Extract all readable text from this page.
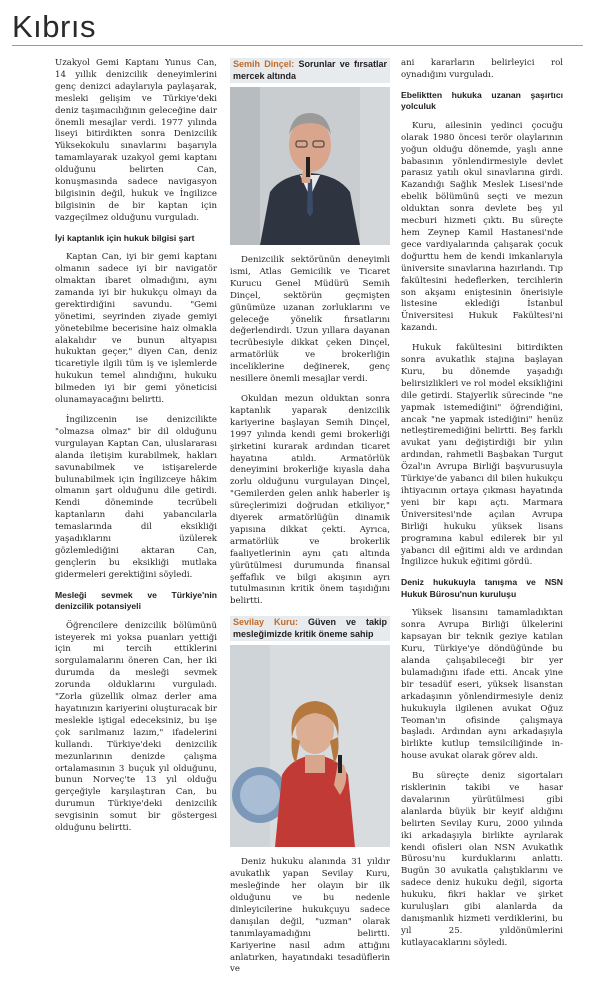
Kıbrıs

Uzakyol Gemi Kaptanı Yunus Can, 14 yıllık denizcilik deneyimlerini genç denizci adaylarıyla paylaşarak, mesleki gelişim ve Türkiye'deki deniz taşımacılığının geleceğine dair önemli mesajlar verdi. 1977 yılında liseyi bitirdikten sonra Denizcilik Yüksekokulu sınavlarını başarıyla tamamlayarak uzakyol gemi kaptanı olduğunu belirten Can, konuşmasında sadece navigasyon bilgisinin değil, hukuk ve İngilizce bilgisinin de bir kaptan için vazgeçilmez olduğunu vurguladı.

İyi kaptanlık için hukuk bilgisi şart

Kaptan Can, iyi bir gemi kaptanı olmanın sadece iyi bir navigatör olmaktan ibaret olmadığını, aynı zamanda iyi bir hukukçu olmayı da gerektirdiğini savundu. "Gemi yönetimi, seyrinden ziyade gemiyi yönetebilme becerisine haiz olmakla alakalıdır ve bunun altyapısı hukuktan geçer," diyen Can, deniz ticaretiyle ilgili tüm iş ve işlemlerde hukukun temel alındığını, hukuku bilmeden iyi bir gemi yöneticisi olunamayacağını belirtti.

İngilizcenin ise denizcilikte "olmazsa olmaz" bir dil olduğunu vurgulayan Kaptan Can, uluslararası alanda iletişim kurabilmek, hakları savunabilmek ve istişarelerde bulunabilmek için İngilizceye hâkim olmanın şart olduğunu dile getirdi. Kendi döneminde tecrübeli kaptanların dahi yabancılarla temaslarında dil eksikliği yaşadıklarını üzülerek gözlemlediğini aktaran Can, gençlerin bu eksikliği mutlaka gidermeleri gerektiğini söyledi.

Mesleği sevmek ve Türkiye'nin denizcilik potansiyeli

Öğrencilere denizcilik bölümünü isteyerek mi yoksa puanları yettiği için mi tercih ettiklerini sorgulamalarını öneren Can, her iki durumda da mesleği sevmek zorunda olduklarını vurguladı. "Zorla güzellik olmaz derler ama hayatınızın kariyerini oluşturacak bir meslekle iştigal edeceksiniz, bu işe çok sarılmanız lazım," ifadelerini kullandı. Türkiye'deki denizcilik mezunlarının denizde çalışma ortalamasının 3 buçuk yıl olduğunu, bunun Norveç'te 13 yıl olduğu gerçeğiyle karşılaştıran Can, bu durumun Türkiye'deki denizcilik sevgisinin somut bir göstergesi olduğunu belirtti.

Semih Dinçel: Sorunlar ve fırsatlar mercek altında

Denizcilik sektörünün deneyimli ismi, Atlas Gemicilik ve Ticaret Kurucu Genel Müdürü Semih Dinçel, sektörün geçmişten günümüze uzanan zorluklarını ve geleceğe yönelik fırsatlarını değerlendirdi. Uzun yıllara dayanan tecrübesiyle dikkat çeken Dinçel, armatörlük ve brokerliğin inceliklerine değinerek, genç nesillere önemli mesajlar verdi.

Okuldan mezun olduktan sonra kaptanlık yaparak denizcilik kariyerine başlayan Semih Dinçel, 1997 yılında kendi gemi brokerliği şirketini kurarak ardından ticaret hayatına atıldı. Armatörlük deneyimini brokerliğe kıyasla daha zorlu olduğunu vurgulayan Dinçel, "Gemilerden gelen anlık haberler iş süreçlerimizi doğrudan etkiliyor," diyerek armatörlüğün dinamik yapısına dikkat çekti. Ayrıca, armatörlük ve brokerlik faaliyetlerinin aynı çatı altında yürütülmesi durumunda finansal şeffaflık ve bilgi akışının ayrı tutulmasının kritik önem taşıdığını belirtti.

Sevilay Kuru: Güven ve takip mesleğimizde kritik öneme sahip

Deniz hukuku alanında 31 yıldır avukatlık yapan Sevilay Kuru, mesleğinde her olayın bir ilk olduğunu ve bu nedenle dinleyicilerine hukukçuyu sadece danışılan değil, "uzman" olarak tanımlayamadığını belirtti. Kariyerine nasıl adım attığını anlatırken, hayatındaki tesadüflerin ve

ani kararların belirleyici rol oynadığını vurguladı.

Ebeliktten hukuka uzanan şaşırtıcı yolculuk

Kuru, ailesinin yedinci çocuğu olarak 1980 öncesi terör olaylarının yoğun olduğu dönemde, yaşlı anne babasının yönlendirmesiyle devlet parasız yatılı okul sınavlarına girdi. Kazandığı Sağlık Meslek Lisesi'nde ebelik bölümünü seçti ve mezun olduktan sonra devlete beş yıl mecburi hizmeti çıktı. Bu süreçte hem Zeynep Kamil Hastanesi'nde gece vardiyalarında çalışarak çocuk doğurttu hem de kendi imkanlarıyla üniversite sınavlarına hazırlandı. Tıp fakültesini hedeflerken, tercihlerin son akşamı eniştesinin önerisiyle listesine eklediği İstanbul Üniversitesi Hukuk Fakültesi'ni kazandı.

Hukuk fakültesini bitirdikten sonra avukatlık stajına başlayan Kuru, bu dönemde yaşadığı belirsizlikleri ve rol model eksikliğini dile getirdi. Stajyerlik sürecinde "ne yapmak istemediğini" öğrendiğini, ancak "ne yapmak istediğini" henüz netleştiremediğini belirtti. Beş farklı avukat yanı değiştirdiği bir yılın ardından, rahmetli Başbakan Turgut Özal'ın Avrupa Birliği başvurusuyla Türkiye'de yabancı dil bilen hukukçu ihtiyacının ortaya çıkması hayatında yeni bir kapı açtı. Marmara Üniversitesi'nde açılan Avrupa Birliği hukuku yüksek lisans programına kabul edilerek bir yıl yabancı dil eğitimi aldı ve ardından İngilizce hukuk eğitimi gördü.

Deniz hukukuyla tanışma ve NSN Hukuk Bürosu'nun kuruluşu

Yüksek lisansını tamamladıktan sonra Avrupa Birliği ülkelerini kapsayan bir teknik geziye katılan Kuru, Türkiye'ye döndüğünde bu alanda çalışabileceği bir yer bulamadığını ifade etti. Ancak yine bir tesadüf eseri, yüksek lisanstan arkadaşının yönlendirmesiyle deniz hukukuyla ilgilenen avukat Oğuz Teoman'ın ofisinde çalışmaya başladı. Ardından aynı arkadaşıyla birlikte kutlup temsilciliğinde in-house avukat olarak görev aldı.

Bu süreçte deniz sigortaları risklerinin takibi ve hasar davalarının yürütülmesi gibi alanlarda büyük bir keyif aldığını belirten Sevilay Kuru, 2000 yılında iki arkadaşıyla birlikte ayrılarak kendi ofisleri olan NSN Avukatlık Bürosu'nu kurduklarını anlattı. Bugün 30 avukatla çalıştıklarını ve sadece deniz hukuku değil, sigorta hukuku, fikri haklar ve şirket kuruluşları gibi alanlarda da danışmanlık hizmeti verdiklerini, bu yıl 25. yıldönümlerini kutlayacaklarını söyledi.
